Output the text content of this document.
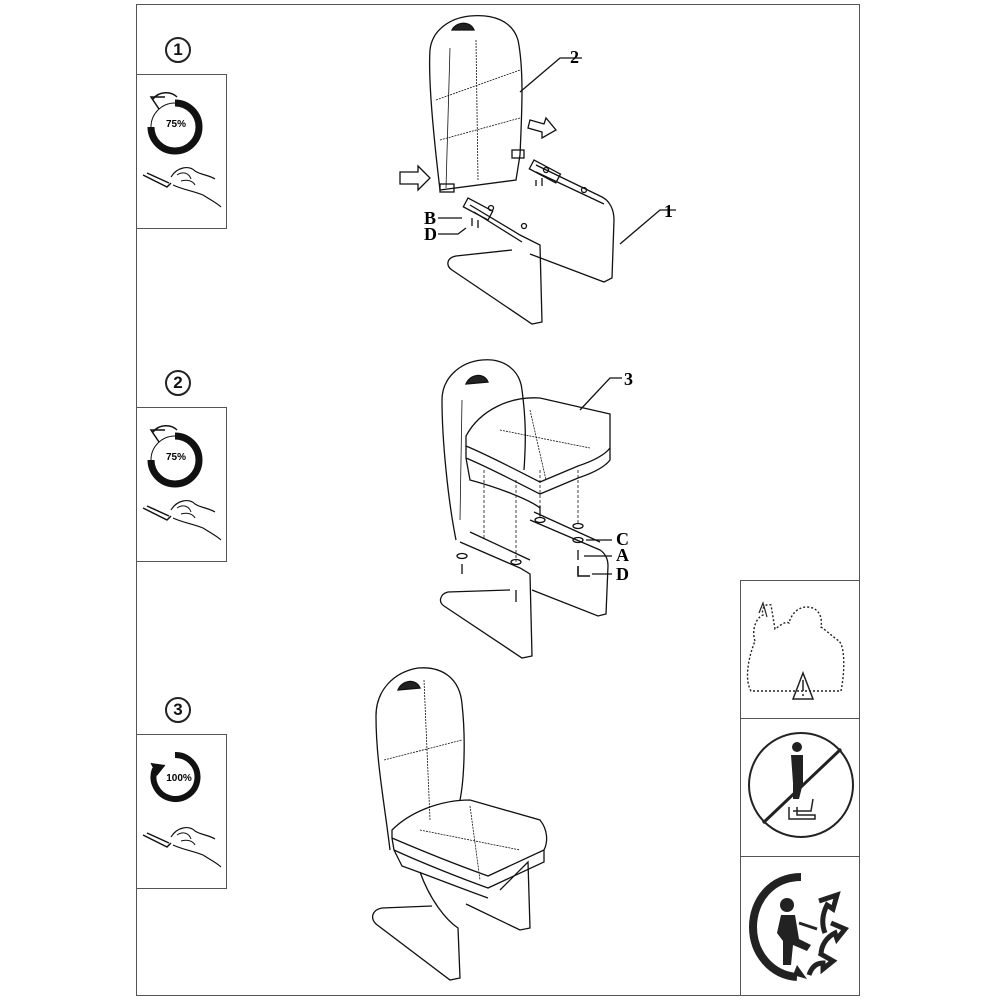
1
2
3
75%
75%
100%
2
1
B
D
3
C
A
D
